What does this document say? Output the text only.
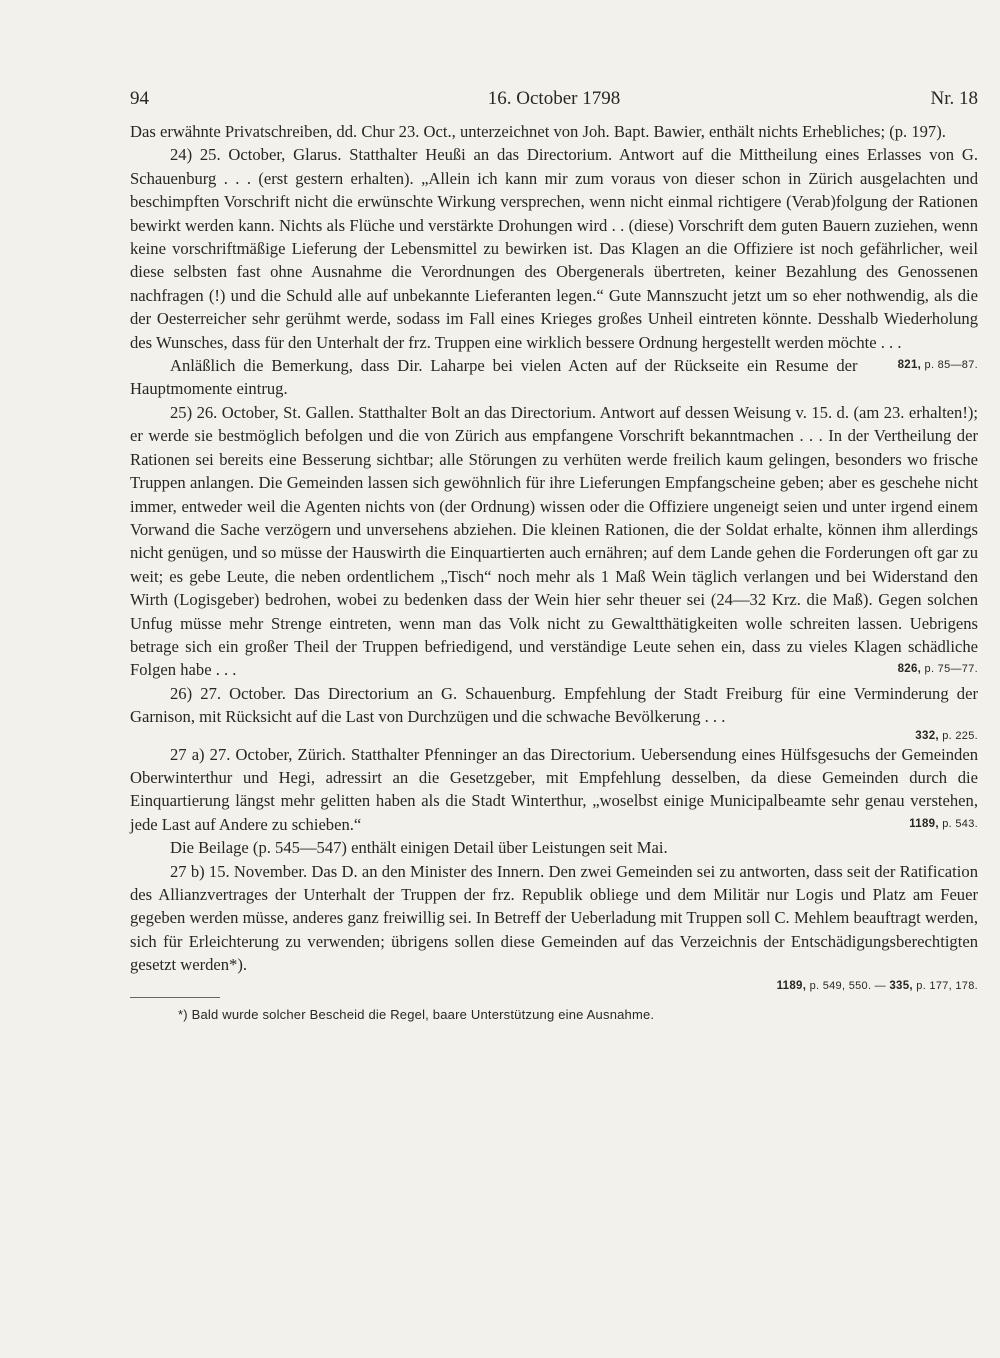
94	16. October 1798	Nr. 18

Das erwähnte Privatschreiben, dd. Chur 23. Oct., unterzeichnet von Joh. Bapt. Bawier, enthält nichts Erhebliches; (p. 197).

24) 25. October, Glarus. Statthalter Heußi an das Directorium. Antwort auf die Mittheilung eines Erlasses von G. Schauenburg . . . (erst gestern erhalten). „Allein ich kann mir zum voraus von dieser schon in Zürich ausgelachten und beschimpften Vorschrift nicht die erwünschte Wirkung versprechen, wenn nicht einmal richtigere (Verab)folgung der Rationen bewirkt werden kann. Nichts als Flüche und verstärkte Drohungen wird . . (diese) Vorschrift dem guten Bauern zuziehen, wenn keine vorschriftmäßige Lieferung der Lebensmittel zu bewirken ist. Das Klagen an die Offiziere ist noch gefährlicher, weil diese selbsten fast ohne Ausnahme die Verordnungen des Obergenerals übertreten, keiner Bezahlung des Genossenen nachfragen (!) und die Schuld alle auf unbekannte Lieferanten legen.“ Gute Mannszucht jetzt um so eher nothwendig, als die der Oesterreicher sehr gerühmt werde, sodass im Fall eines Krieges großes Unheil eintreten könnte. Desshalb Wiederholung des Wunsches, dass für den Unterhalt der frz. Truppen eine wirklich bessere Ordnung hergestellt werden möchte . . .
821, p. 85—87.

Anläßlich die Bemerkung, dass Dir. Laharpe bei vielen Acten auf der Rückseite ein Resume der Hauptmomente eintrug.

25) 26. October, St. Gallen. Statthalter Bolt an das Directorium. Antwort auf dessen Weisung v. 15. d. (am 23. erhalten!); er werde sie bestmöglich befolgen und die von Zürich aus empfangene Vorschrift bekanntmachen . . . In der Vertheilung der Rationen sei bereits eine Besserung sichtbar; alle Störungen zu verhüten werde freilich kaum gelingen, besonders wo frische Truppen anlangen. Die Gemeinden lassen sich gewöhnlich für ihre Lieferungen Empfangscheine geben; aber es geschehe nicht immer, entweder weil die Agenten nichts von (der Ordnung) wissen oder die Offiziere ungeneigt seien und unter irgend einem Vorwand die Sache verzögern und unversehens abziehen. Die kleinen Rationen, die der Soldat erhalte, können ihm allerdings nicht genügen, und so müsse der Hauswirth die Einquartierten auch ernähren; auf dem Lande gehen die Forderungen oft gar zu weit; es gebe Leute, die neben ordentlichem „Tisch“ noch mehr als 1 Maß Wein täglich verlangen und bei Widerstand den Wirth (Logisgeber) bedrohen, wobei zu bedenken dass der Wein hier sehr theuer sei (24—32 Krz. die Maß). Gegen solchen Unfug müsse mehr Strenge eintreten, wenn man das Volk nicht zu Gewaltthätigkeiten wolle schreiten lassen. Uebrigens betrage sich ein großer Theil der Truppen befriedigend, und verständige Leute sehen ein, dass zu vieles Klagen schädliche Folgen habe . . .	826, p. 75—77.

26) 27. October. Das Directorium an G. Schauenburg. Empfehlung der Stadt Freiburg für eine Verminderung der Garnison, mit Rücksicht auf die Last von Durchzügen und die schwache Bevölkerung . . .

332, p. 225.

27 a) 27. October, Zürich. Statthalter Pfenninger an das Directorium. Uebersendung eines Hülfsgesuchs der Gemeinden Oberwinterthur und Hegi, adressirt an die Gesetzgeber, mit Empfehlung desselben, da diese Gemeinden durch die Einquartierung längst mehr gelitten haben als die Stadt Winterthur, „woselbst einige Municipalbeamte sehr genau verstehen, jede Last auf Andere zu schieben.“	1189, p. 543.

Die Beilage (p. 545—547) enthält einigen Detail über Leistungen seit Mai.

27 b) 15. November. Das D. an den Minister des Innern. Den zwei Gemeinden sei zu antworten, dass seit der Ratification des Allianzvertrages der Unterhalt der Truppen der frz. Republik obliege und dem Militär nur Logis und Platz am Feuer gegeben werden müsse, anderes ganz freiwillig sei. In Betreff der Ueberladung mit Truppen soll C. Mehlem beauftragt werden, sich für Erleichterung zu verwenden; übrigens sollen diese Gemeinden auf das Verzeichnis der Entschädigungsberechtigten gesetzt werden*).

1189, p. 549, 550. — 335, p. 177, 178.
*) Bald wurde solcher Bescheid die Regel, baare Unterstützung eine Ausnahme.
